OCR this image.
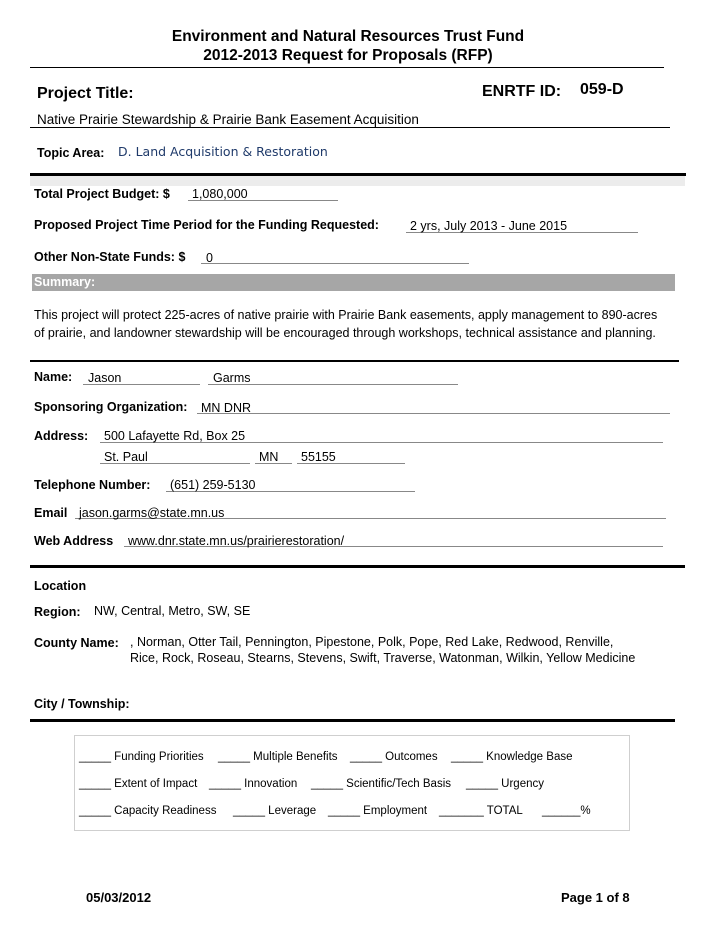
Environment and Natural Resources Trust Fund
2012-2013 Request for Proposals (RFP)
Project Title:	ENRTF ID: 059-D
Native Prairie Stewardship & Prairie Bank Easement Acquisition
Topic Area: D. Land Acquisition & Restoration
Total Project Budget: $ 1,080,000
Proposed Project Time Period for the Funding Requested: 2 yrs, July 2013 - June 2015
Other Non-State Funds: $ 0
Summary:
This project will protect 225-acres of native prairie with Prairie Bank easements, apply management to 890-acres of prairie, and landowner stewardship will be encouraged through workshops, technical assistance and planning.
Name: Jason	Garms
Sponsoring Organization: MN DNR
Address: 500 Lafayette Rd, Box 25
St. Paul	MN 55155
Telephone Number: (651) 259-5130
Email jason.garms@state.mn.us
Web Address www.dnr.state.mn.us/prairierestoration/
Location
Region: NW, Central, Metro, SW, SE
County Name: , Norman, Otter Tail, Pennington, Pipestone, Polk, Pope, Red Lake, Redwood, Renville,
Rice, Rock, Roseau, Stearns, Stevens, Swift, Traverse, Watonman, Wilkin, Yellow Medicine
City / Township:
_____ Funding Priorities _____ Multiple Benefits _____ Outcomes _____ Knowledge Base
_____ Extent of Impact _____ Innovation _____ Scientific/Tech Basis _____ Urgency
_____ Capacity Readiness _____ Leverage _____ Employment _______ TOTAL ______%
05/03/2012	Page 1 of 8
